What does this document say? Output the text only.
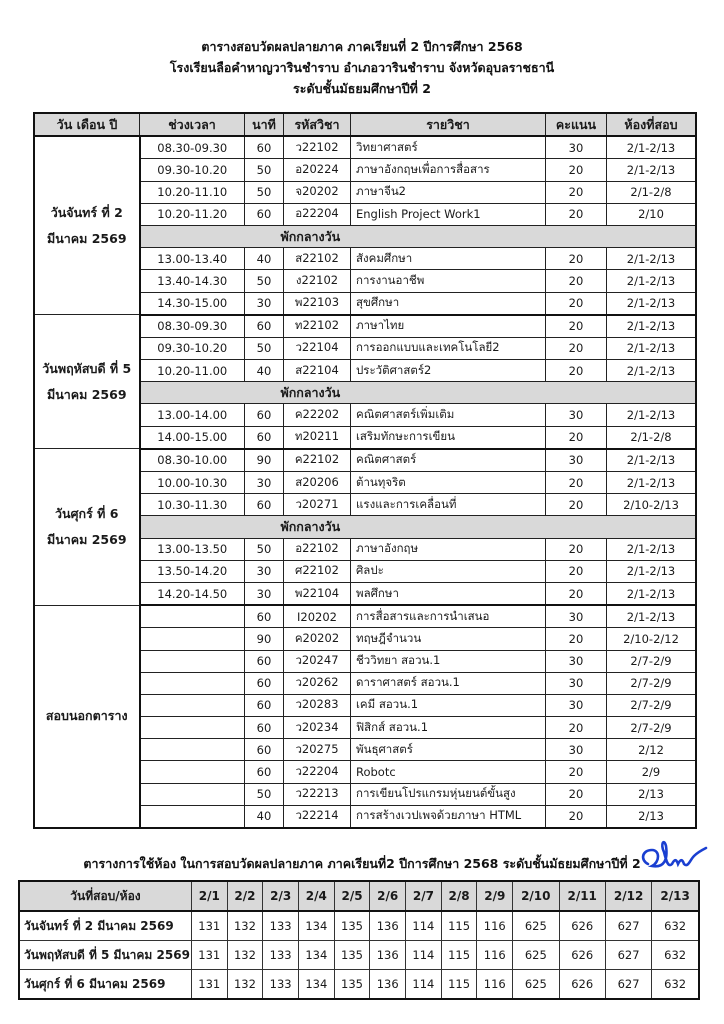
ตารางสอบวัดผลปลายภาค ภาคเรียนที่ 2 ปีการศึกษา 2568
โรงเรียนลือคำหาญวารินชำราบ อำเภอวารินชำราบ จังหวัดอุบลราชธานี
ระดับชั้นมัธยมศึกษาปีที่ 2
วัน เดือน ปี	ช่วงเวลา	นาที	รหัสวิชา	รายวิชา	คะแนน	ห้องที่สอบ

วันจันทร์ ที่ 2
มีนาคม 2569	08.30-09.30	60	ว22102	วิทยาศาสตร์	30	2/1-2/13
	09.30-10.20	50	อ20224	ภาษาอังกฤษเพื่อการสื่อสาร	20	2/1-2/13
	10.20-11.10	50	จ20202	ภาษาจีน2	20	2/1-2/8
	10.20-11.20	60	อ22204	English Project Work1	20	2/10
	พักกลางวัน					
	13.00-13.40	40	ส22102	สังคมศึกษา	20	2/1-2/13
	13.40-14.30	50	ง22102	การงานอาชีพ	20	2/1-2/13
	14.30-15.00	30	พ22103	สุขศึกษา	20	2/1-2/13

วันพฤหัสบดี ที่ 5
มีนาคม 2569	08.30-09.30	60	ท22102	ภาษาไทย	20	2/1-2/13
	09.30-10.20	50	ว22104	การออกแบบและเทคโนโลยี2	20	2/1-2/13
	10.20-11.00	40	ส22104	ประวัติศาสตร์2	20	2/1-2/13
	พักกลางวัน					
	13.00-14.00	60	ค22202	คณิตศาสตร์เพิ่มเติม	30	2/1-2/13
	14.00-15.00	60	ท20211	เสริมทักษะการเขียน	20	2/1-2/8

วันศุกร์ ที่ 6
มีนาคม 2569	08.30-10.00	90	ค22102	คณิตศาสตร์	30	2/1-2/13
	10.00-10.30	30	ส20206	ต้านทุจริต	20	2/1-2/13
	10.30-11.30	60	ว20271	แรงและการเคลื่อนที่	20	2/10-2/13
	พักกลางวัน					
	13.00-13.50	50	อ22102	ภาษาอังกฤษ	20	2/1-2/13
	13.50-14.20	30	ศ22102	ศิลปะ	20	2/1-2/13
	14.20-14.50	30	พ22104	พลศึกษา	20	2/1-2/13
สอบนอกตาราง		60	I20202	การสื่อสารและการนำเสนอ	30	2/1-2/13
		90	ค20202	ทฤษฎีจำนวน	20	2/10-2/12
		60	ว20247	ชีววิทยา สอวน.1	30	2/7-2/9
		60	ว20262	ดาราศาสตร์ สอวน.1	30	2/7-2/9
		60	ว20283	เคมี สอวน.1	30	2/7-2/9
		60	ว20234	ฟิสิกส์ สอวน.1	20	2/7-2/9
		60	ว20275	พันธุศาสตร์	30	2/12
		60	ว22204	Robotc	20	2/9
		50	ว22213	การเขียนโปรแกรมหุ่นยนต์ขั้นสูง	20	2/13
		40	ว22214	การสร้างเวปเพจด้วยภาษา HTML	20	2/13
ตารางการใช้ห้อง ในการสอบวัดผลปลายภาค ภาคเรียนที่2 ปีการศึกษา 2568 ระดับชั้นมัธยมศึกษาปีที่ 2
วันที่สอบ/ห้อง	2/1	2/2	2/3	2/4	2/5	2/6	2/7	2/8	2/9	2/10	2/11	2/12	2/13
วันจันทร์ ที่ 2 มีนาคม 2569	131	132	133	134	135	136	114	115	116	625	626	627	632
วันพฤหัสบดี ที่ 5 มีนาคม 2569	131	132	133	134	135	136	114	115	116	625	626	627	632
วันศุกร์ ที่ 6 มีนาคม 2569	131	132	133	134	135	136	114	115	116	625	626	627	632
